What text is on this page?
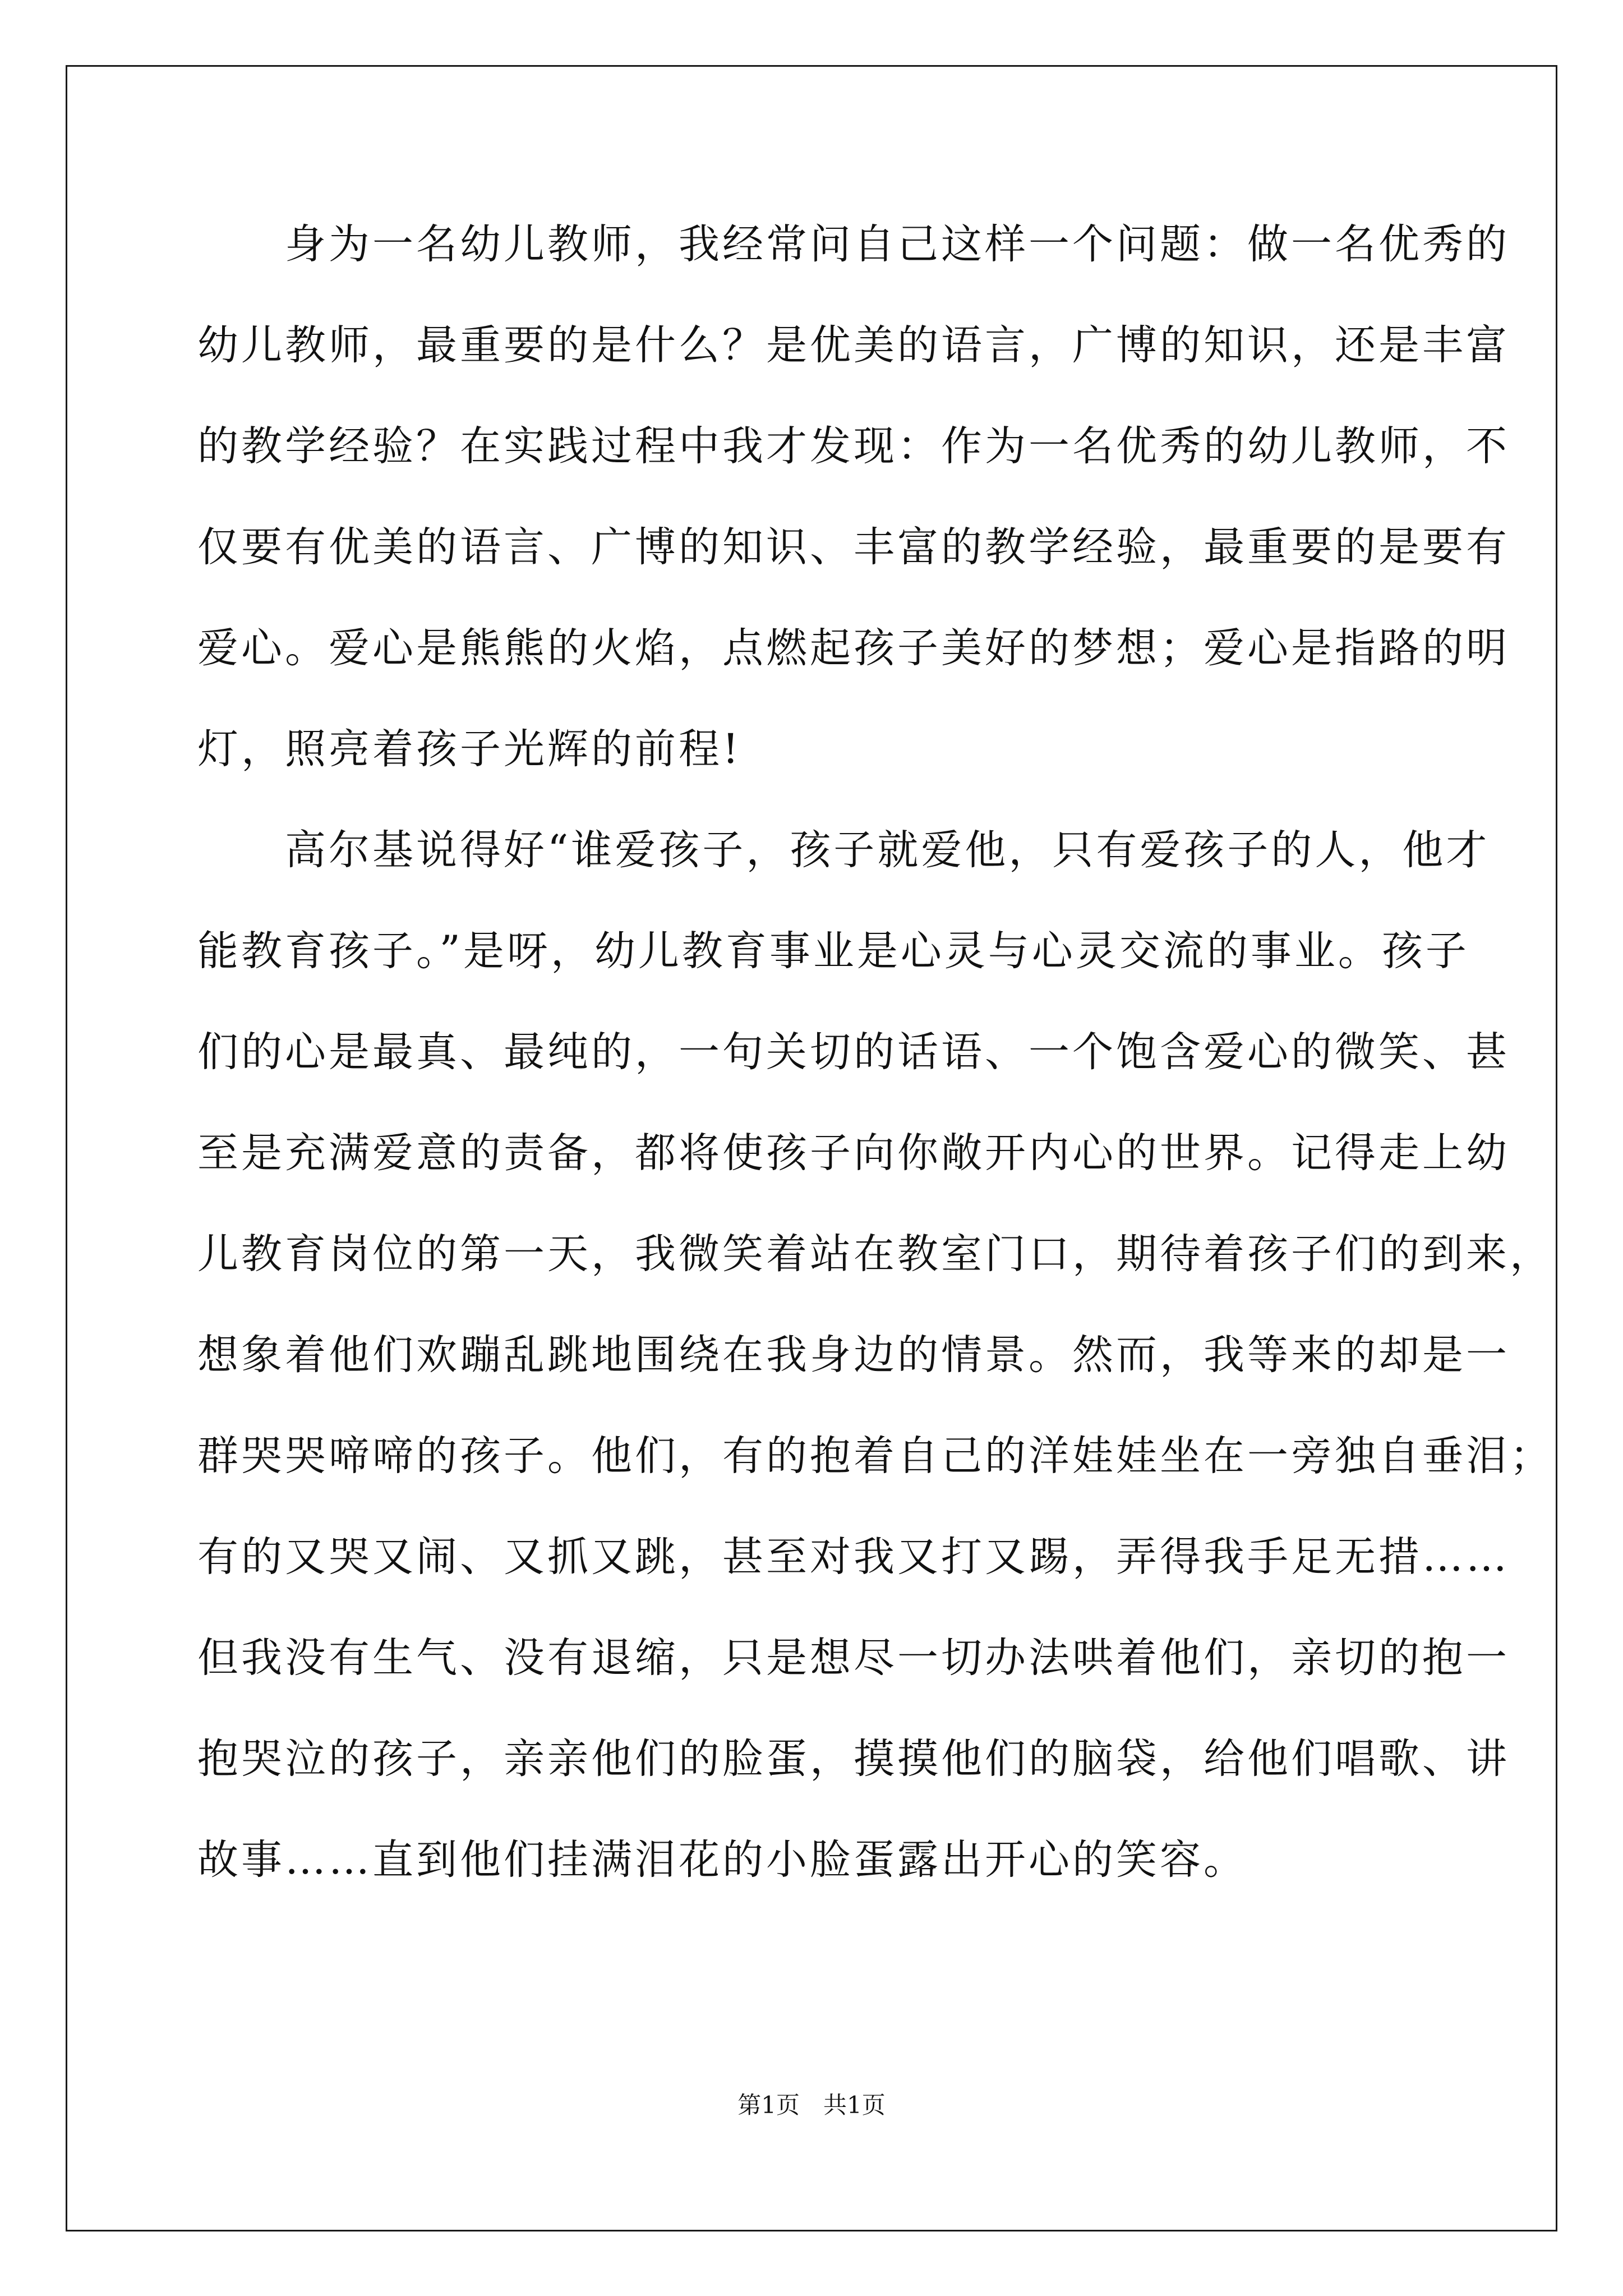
　　身为一名幼儿教师，我经常问自己这样一个问题：做一名优秀的
幼儿教师，最重要的是什么？是优美的语言，广博的知识，还是丰富
的教学经验？在实践过程中我才发现：作为一名优秀的幼儿教师，不
仅要有优美的语言、广博的知识、丰富的教学经验，最重要的是要有
爱心。爱心是熊熊的火焰，点燃起孩子美好的梦想；爱心是指路的明
灯，照亮着孩子光辉的前程!
　　高尔基说得好“谁爱孩子，孩子就爱他，只有爱孩子的人，他才
能教育孩子。”是呀，幼儿教育事业是心灵与心灵交流的事业。孩子
们的心是最真、最纯的，一句关切的话语、一个饱含爱心的微笑、甚
至是充满爱意的责备，都将使孩子向你敞开内心的世界。记得走上幼
儿教育岗位的第一天，我微笑着站在教室门口，期待着孩子们的到来，
想象着他们欢蹦乱跳地围绕在我身边的情景。然而，我等来的却是一
群哭哭啼啼的孩子。他们，有的抱着自己的洋娃娃坐在一旁独自垂泪；
有的又哭又闹、又抓又跳，甚至对我又打又踢，弄得我手足无措……
但我没有生气、没有退缩，只是想尽一切办法哄着他们，亲切的抱一
抱哭泣的孩子，亲亲他们的脸蛋，摸摸他们的脑袋，给他们唱歌、讲
故事……直到他们挂满泪花的小脸蛋露出开心的笑容。
第1页　共1页
